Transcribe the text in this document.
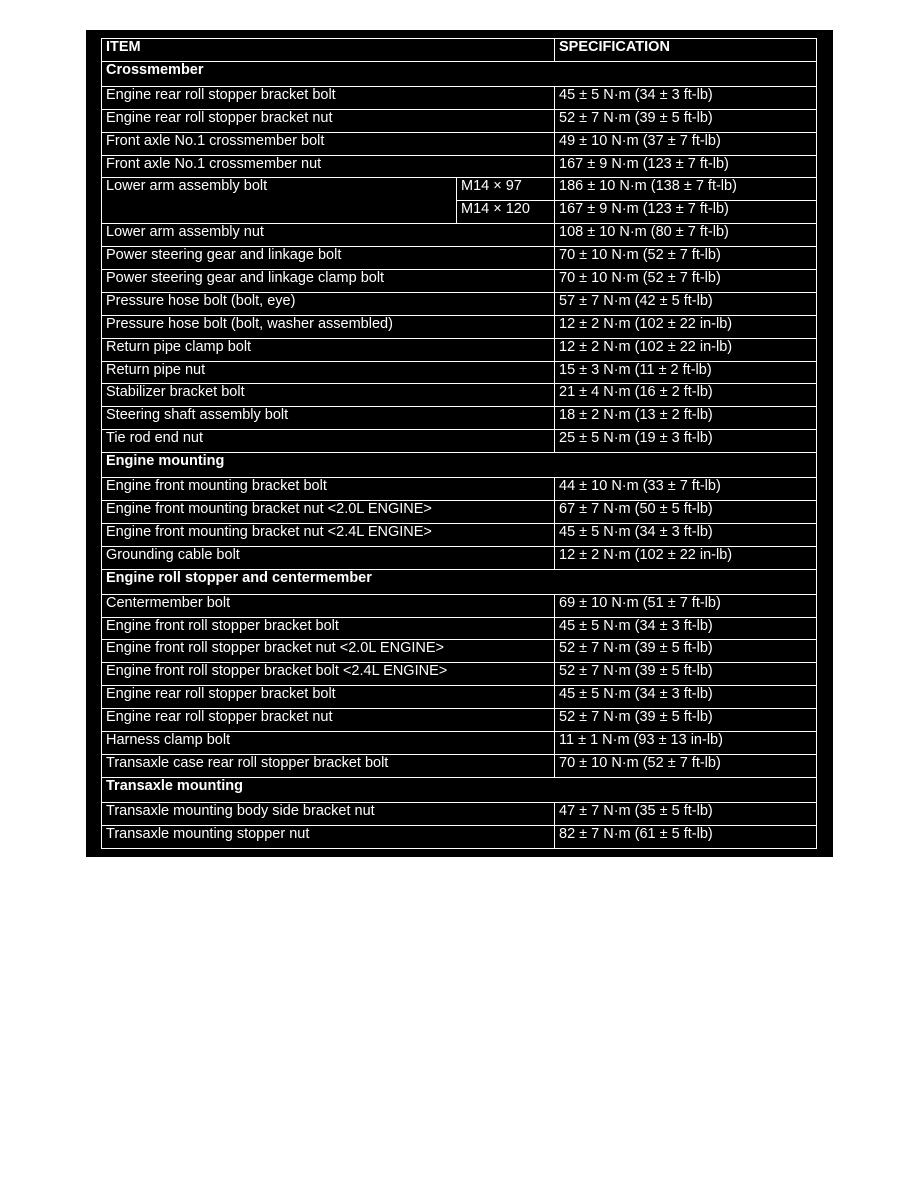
ITEM		SPECIFICATION
Crossmember		
Engine rear roll stopper bracket bolt		45 ± 5 N·m (34 ± 3 ft-lb)
Engine rear roll stopper bracket nut		52 ± 7 N·m (39 ± 5 ft-lb)
Front axle No.1 crossmember bolt		49 ± 10 N·m (37 ± 7 ft-lb)
Front axle No.1 crossmember nut		167 ± 9 N·m (123 ± 7 ft-lb)
Lower arm assembly bolt	M14 × 97	186 ± 10 N·m (138 ± 7 ft-lb)
	M14 × 120	167 ± 9 N·m (123 ± 7 ft-lb)
Lower arm assembly nut		108 ± 10 N·m (80 ± 7 ft-lb)
Power steering gear and linkage bolt		70 ± 10 N·m (52 ± 7 ft-lb)
Power steering gear and linkage clamp bolt		70 ± 10 N·m (52 ± 7 ft-lb)
Pressure hose bolt (bolt, eye)		57 ± 7 N·m (42 ± 5 ft-lb)
Pressure hose bolt (bolt, washer assembled)		12 ± 2 N·m (102 ± 22 in-lb)
Return pipe clamp bolt		12 ± 2 N·m (102 ± 22 in-lb)
Return pipe nut		15 ± 3 N·m (11 ± 2 ft-lb)
Stabilizer bracket bolt		21 ± 4 N·m (16 ± 2 ft-lb)
Steering shaft assembly bolt		18 ± 2 N·m (13 ± 2 ft-lb)
Tie rod end nut		25 ± 5 N·m (19 ± 3 ft-lb)
Engine mounting		
Engine front mounting bracket bolt		44 ± 10 N·m (33 ± 7 ft-lb)
Engine front mounting bracket nut <2.0L ENGINE>		67 ± 7 N·m (50 ± 5 ft-lb)
Engine front mounting bracket nut <2.4L ENGINE>		45 ± 5 N·m (34 ± 3 ft-lb)
Grounding cable bolt		12 ± 2 N·m (102 ± 22 in-lb)
Engine roll stopper and centermember		
Centermember bolt		69 ± 10 N·m (51 ± 7 ft-lb)
Engine front roll stopper bracket bolt		45 ± 5 N·m (34 ± 3 ft-lb)
Engine front roll stopper bracket nut <2.0L ENGINE>		52 ± 7 N·m (39 ± 5 ft-lb)
Engine front roll stopper bracket bolt <2.4L ENGINE>		52 ± 7 N·m (39 ± 5 ft-lb)
Engine rear roll stopper bracket bolt		45 ± 5 N·m (34 ± 3 ft-lb)
Engine rear roll stopper bracket nut		52 ± 7 N·m (39 ± 5 ft-lb)
Harness clamp bolt		11 ± 1 N·m (93 ± 13 in-lb)
Transaxle case rear roll stopper bracket bolt		70 ± 10 N·m (52 ± 7 ft-lb)
Transaxle mounting		
Transaxle mounting body side bracket nut		47 ± 7 N·m (35 ± 5 ft-lb)
Transaxle mounting stopper nut		82 ± 7 N·m (61 ± 5 ft-lb)
